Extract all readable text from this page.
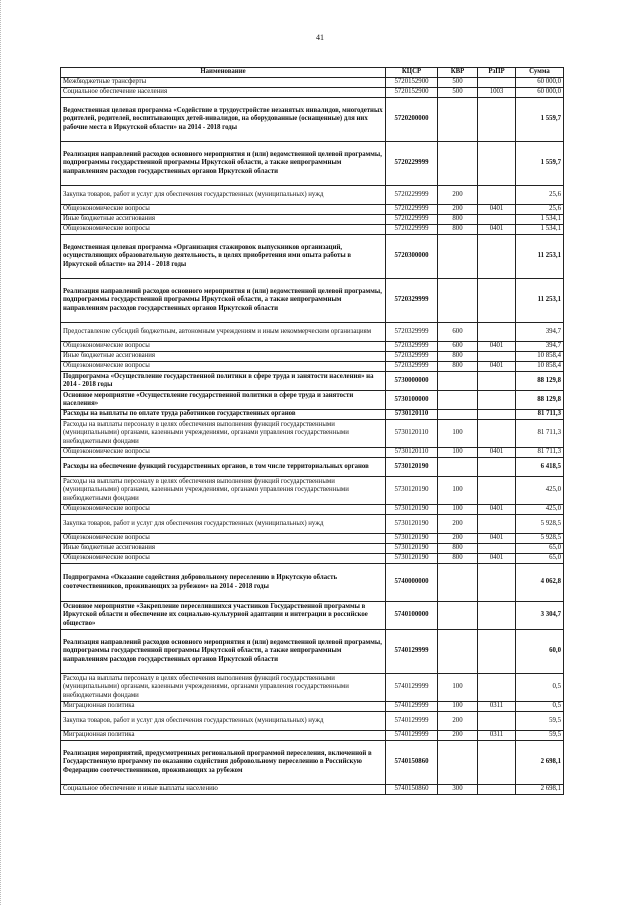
41
Наименование	КЦСР	КВР	РзПР	Сумма
Межбюджетные трансферты	5720152900	500		60 000,0
Социальное обеспечение населения	5720152900	500	1003	60 000,0
Ведомственная целевая программа «Содействие в трудоустройстве незанятых инвалидов, многодетных родителей, родителей, воспитывающих детей-инвалидов, на оборудованные (оснащенные) для них рабочие места в Иркутской области» на 2014 - 2018 годы	5720200000			1 559,7
Реализация направлений расходов основного мероприятия и (или) ведомственной целевой программы, подпрограммы государственной программы Иркутской области, а также непрограммным направлениям расходов государственных органов Иркутской области	5720229999			1 559,7
Закупка товаров, работ и услуг для обеспечения государственных (муниципальных) нужд	5720229999	200		25,6
Общеэкономические вопросы	5720229999	200	0401	25,6
Иные бюджетные ассигнования	5720229999	800		1 534,1
Общеэкономические вопросы	5720229999	800	0401	1 534,1
Ведомственная целевая программа «Организация стажировок выпускников организаций, осуществляющих образовательную деятельность, в целях приобретения ими опыта работы в Иркутской области» на 2014 - 2018 годы	5720300000			11 253,1
Реализация направлений расходов основного мероприятия и (или) ведомственной целевой программы, подпрограммы государственной программы Иркутской области, а также непрограммным направлениям расходов государственных органов Иркутской области	5720329999			11 253,1
Предоставление субсидий бюджетным, автономным учреждениям и иным некоммерческим организациям	5720329999	600		394,7
Общеэкономические вопросы	5720329999	600	0401	394,7
Иные бюджетные ассигнования	5720329999	800		10 858,4
Общеэкономические вопросы	5720329999	800	0401	10 858,4
Подпрограмма «Осуществление государственной политики в сфере труда и занятости населения» на 2014 - 2018 годы	5730000000			88 129,8
Основное мероприятие «Осуществление государственной политики в сфере труда и занятости населения»	5730100000			88 129,8
Расходы на выплаты по оплате труда работников государственных органов	5730120110			81 711,3
Расходы на выплаты персоналу в целях обеспечения выполнения функций государственными (муниципальными) органами, казенными учреждениями, органами управления государственными внебюджетными фондами	5730120110	100		81 711,3
Общеэкономические вопросы	5730120110	100	0401	81 711,3
Расходы на обеспечение функций государственных органов, в том числе территориальных органов	5730120190			6 418,5
Расходы на выплаты персоналу в целях обеспечения выполнения функций государственными (муниципальными) органами, казенными учреждениями, органами управления государственными внебюджетными фондами	5730120190	100		425,0
Общеэкономические вопросы	5730120190	100	0401	425,0
Закупка товаров, работ и услуг для обеспечения государственных (муниципальных) нужд	5730120190	200		5 928,5
Общеэкономические вопросы	5730120190	200	0401	5 928,5
Иные бюджетные ассигнования	5730120190	800		65,0
Общеэкономические вопросы	5730120190	800	0401	65,0
Подпрограмма «Оказание содействия добровольному переселению в Иркутскую область соотечественников, проживающих за рубежом» на 2014 - 2018 годы	5740000000			4 062,8
Основное мероприятие «Закрепление переселившихся участников Государственной программы в Иркутской области и обеспечение их социально-культурной адаптации и интеграции в российское общество»	5740100000			3 304,7
Реализация направлений расходов основного мероприятия и (или) ведомственной целевой программы, подпрограммы государственной программы Иркутской области, а также непрограммным направлениям расходов государственных органов Иркутской области	5740129999			60,0
Расходы на выплаты персоналу в целях обеспечения выполнения функций государственными (муниципальными) органами, казенными учреждениями, органами управления государственными внебюджетными фондами	5740129999	100		0,5
Миграционная политика	5740129999	100	0311	0,5
Закупка товаров, работ и услуг для обеспечения государственных (муниципальных) нужд	5740129999	200		59,5
Миграционная политика	5740129999	200	0311	59,5
Реализация мероприятий, предусмотренных региональной программой переселения, включенной в Государственную программу по оказанию содействия добровольному переселению в Российскую Федерацию соотечественников, проживающих за рубежом	5740150860			2 698,1
Социальное обеспечение и иные выплаты населению	5740150860	300		2 698,1
